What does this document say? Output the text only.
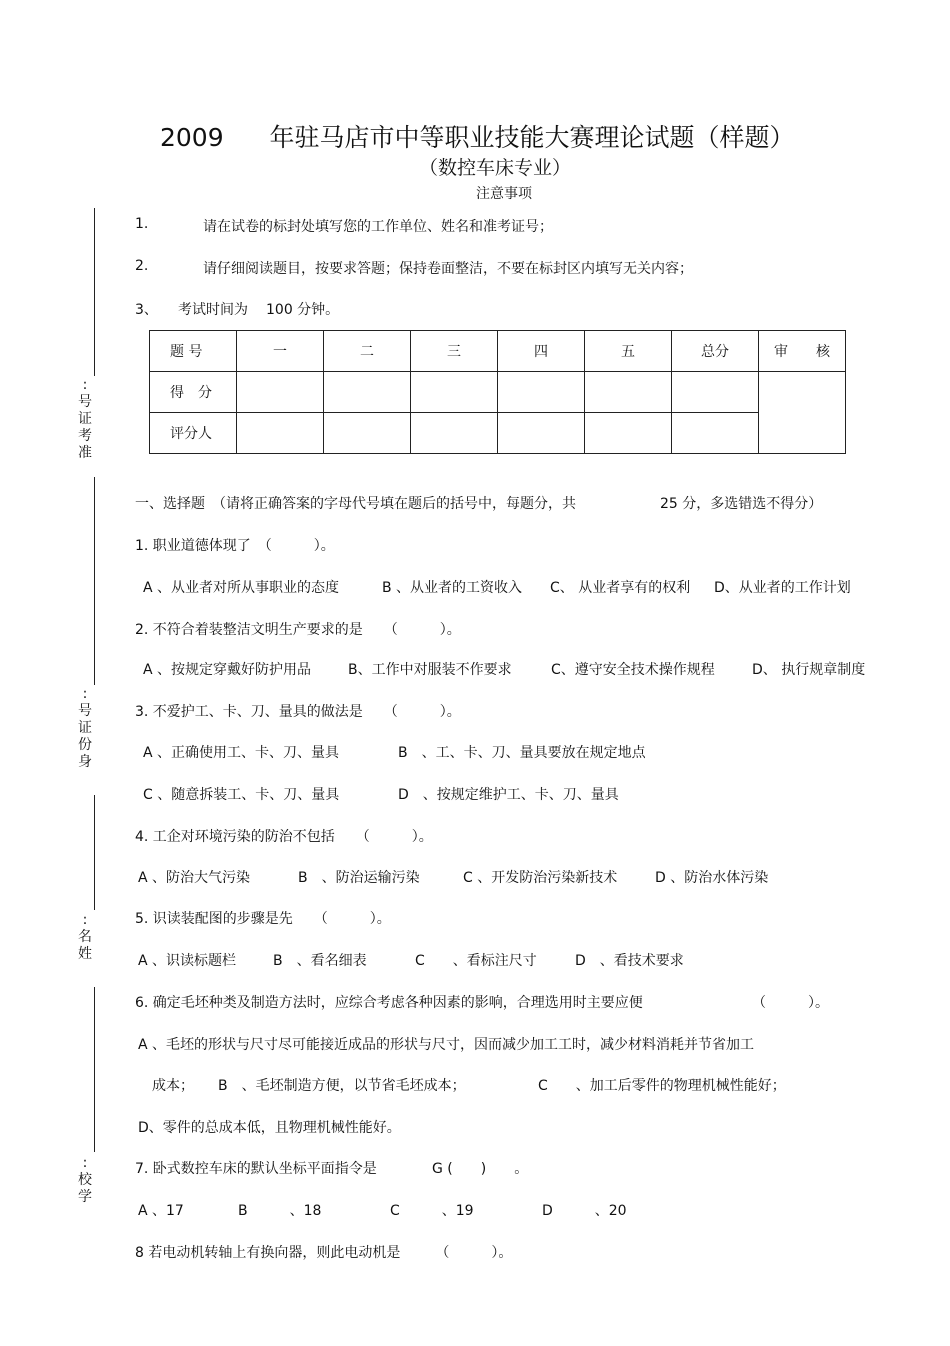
2009 年驻马店市中等职业技能大赛理论试题（样题）
（数控车床专业）
注意事项
1.	请在试卷的标封处填写您的工作单位、姓名和准考证号；
2.	请仔细阅读题目，按要求答题；保持卷面整洁，不要在标封区内填写无关内容；
3、 考试时间为 100 分钟。
题 号	一	二	三	四	五	总分	审　　核
得　分							
评分人							
:
号
证
考
准
:
号
证
份
身
:
名
姓
:
校
学
一、选择题　（请将正确答案的字母代号填在题后的括号中，每题分，共	25 分，多选错选不得分）
1. 职业道德体现了　（　　　）。
A 、从业者对所从事职业的态度	B 、从业者的工资收入 C、 从业者享有的权利 D、从业者的工作计划
2. 不符合着装整洁文明生产要求的是　　（　　　）。
A 、按规定穿戴好防护用品	B、工作中对服装不作要求	C、遵守安全技术操作规程	D、 执行规章制度
3. 不爱护工、卡、刀、量具的做法是　　（　　　）。
A 、正确使用工、卡、刀、量具	B　、工、卡、刀、量具要放在规定地点
C 、随意拆装工、卡、刀、量具	D　、按规定维护工、卡、刀、量具
4. 工企对环境污染的防治不包括　　（　　　）。
A 、防治大气污染	B　、防治运输污染	C 、开发防治污染新技术	D 、防治水体污染
5. 识读装配图的步骤是先　　（　　　）。
A 、识读标题栏	B　、看名细表	C　　、看标注尺寸	D　、看技术要求
6. 确定毛坯种类及制造方法时，应综合考虑各种因素的影响，合理选用时主要应便	（　　　）。
A 、毛坯的形状与尺寸尽可能接近成品的形状与尺寸，因而减少加工工时，减少材料消耗并节省加工
成本； B　、毛坯制造方便，以节省毛坯成本；	C　　、加工后零件的物理机械性能好；
D、零件的总成本低，且物理机械性能好。
7. 卧式数控车床的默认坐标平面指令是	G (　　)　　。
A 、17	B　　　、18	C　　　、19	D　　　、20
8 若电动机转轴上有换向器，则此电动机是　　　（　　　）。
